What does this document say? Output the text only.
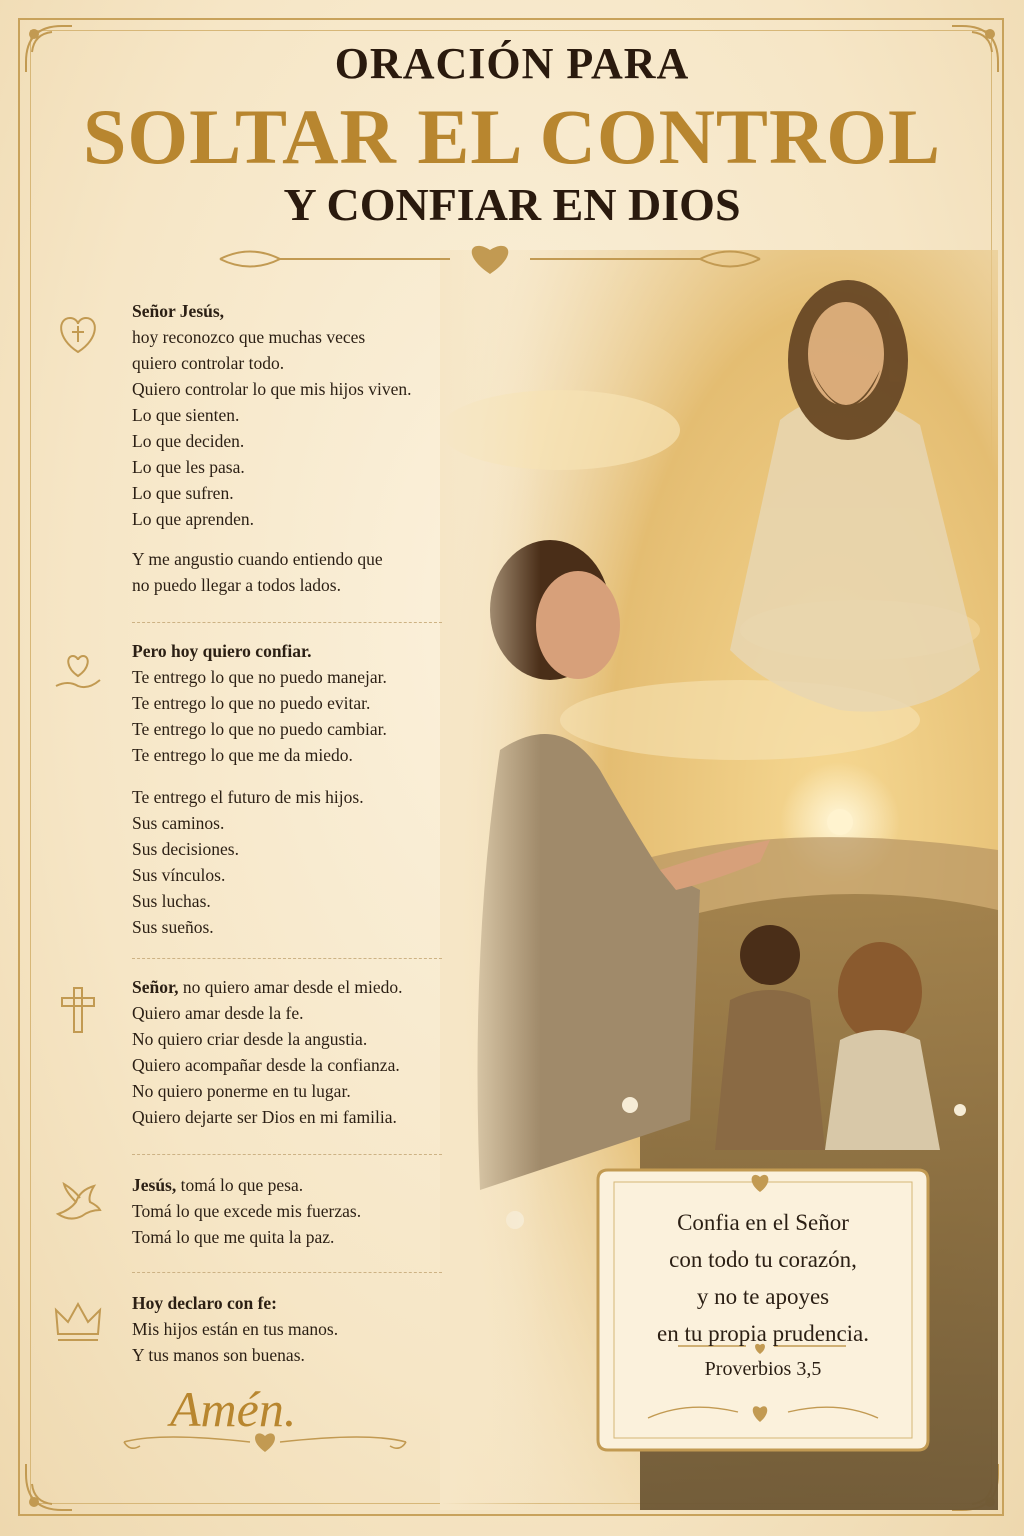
ORACIÓN PARA
SOLTAR EL CONTROL
Y CONFIAR EN DIOS
Señor Jesús,
hoy reconozco que muchas veces
quiero controlar todo.
Quiero controlar lo que mis hijos viven.
Lo que sienten.
Lo que deciden.
Lo que les pasa.
Lo que sufren.
Lo que aprenden.
Y me angustio cuando entiendo que
no puedo llegar a todos lados.
Pero hoy quiero confiar.
Te entrego lo que no puedo manejar.
Te entrego lo que no puedo evitar.
Te entrego lo que no puedo cambiar.
Te entrego lo que me da miedo.
Te entrego el futuro de mis hijos.
Sus caminos.
Sus decisiones.
Sus vínculos.
Sus luchas.
Sus sueños.
Señor, no quiero amar desde el miedo.
Quiero amar desde la fe.
No quiero criar desde la angustia.
Quiero acompañar desde la confianza.
No quiero ponerme en tu lugar.
Quiero dejarte ser Dios en mi familia.
Jesús, tomá lo que pesa.
Tomá lo que excede mis fuerzas.
Tomá lo que me quita la paz.
Hoy declaro con fe:
Mis hijos están en tus manos.
Y tus manos son buenas.
Amén.
Confia en el Señor
con todo tu corazón,
y no te apoyes
en tu propia prudencia.
Proverbios 3,5
